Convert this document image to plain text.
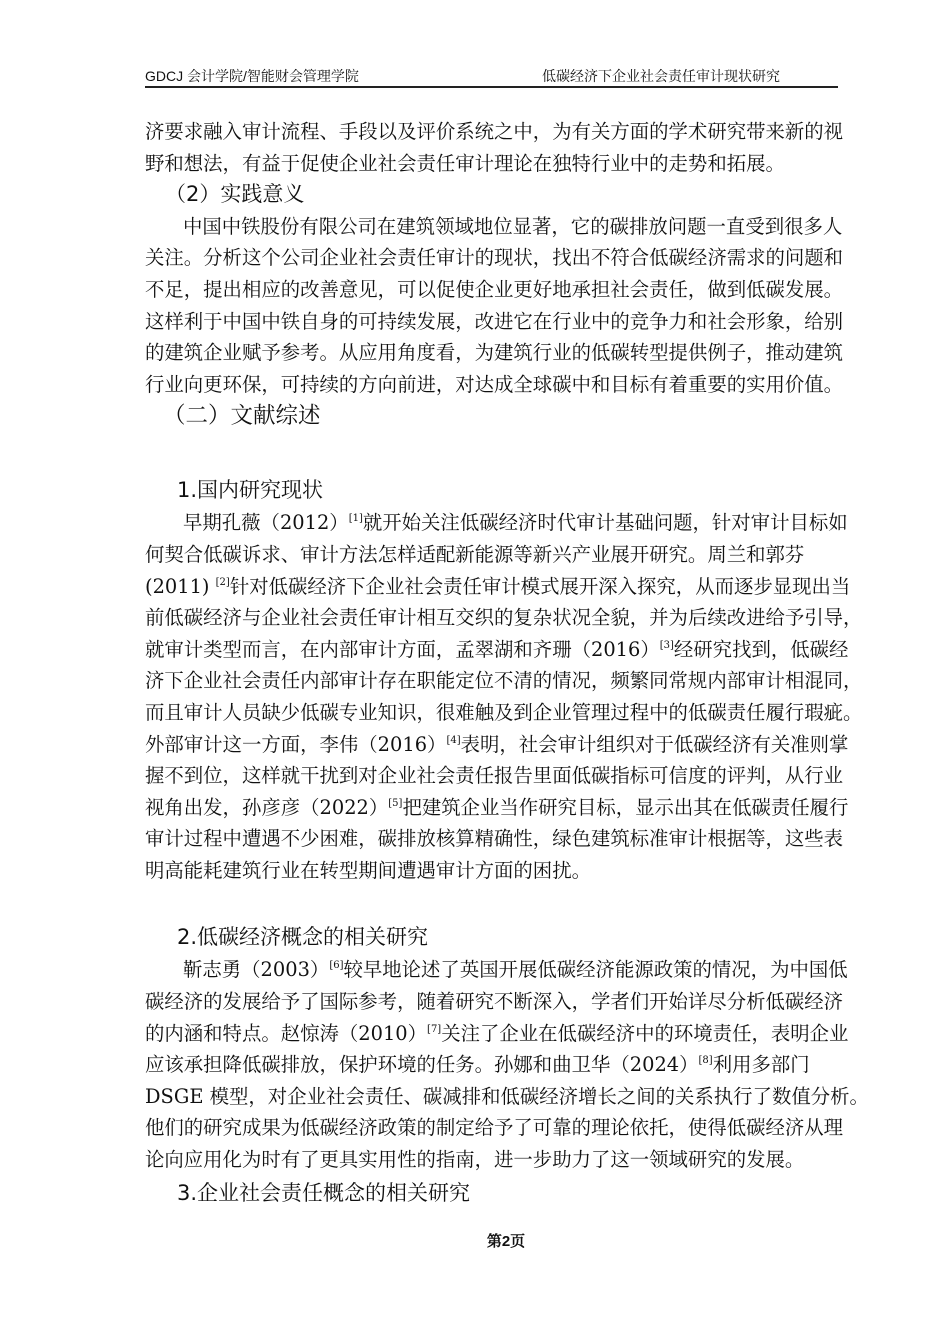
GDCJ 会计学院/智能财会管理学院	低碳经济下企业社会责任审计现状研究
济要求融入审计流程、手段以及评价系统之中，为有关方面的学术研究带来新的视
野和想法，有益于促使企业社会责任审计理论在独特行业中的走势和拓展。
（2）实践意义
中国中铁股份有限公司在建筑领域地位显著，它的碳排放问题一直受到很多人
关注。分析这个公司企业社会责任审计的现状，找出不符合低碳经济需求的问题和
不足，提出相应的改善意见，可以促使企业更好地承担社会责任，做到低碳发展。
这样利于中国中铁自身的可持续发展，改进它在行业中的竞争力和社会形象，给别
的建筑企业赋予参考。从应用角度看，为建筑行业的低碳转型提供例子，推动建筑
行业向更环保，可持续的方向前进，对达成全球碳中和目标有着重要的实用价值。
（二）文献综述
1.国内研究现状
早期孔薇（2012）[1]就开始关注低碳经济时代审计基础问题，针对审计目标如
何契合低碳诉求、审计方法怎样适配新能源等新兴产业展开研究。周兰和郭芬
(2011) [2]针对低碳经济下企业社会责任审计模式展开深入探究，从而逐步显现出当
前低碳经济与企业社会责任审计相互交织的复杂状况全貌，并为后续改进给予引导，
就审计类型而言，在内部审计方面，孟翠湖和齐珊（2016）[3]经研究找到，低碳经
济下企业社会责任内部审计存在职能定位不清的情况，频繁同常规内部审计相混同，
而且审计人员缺少低碳专业知识，很难触及到企业管理过程中的低碳责任履行瑕疵。
外部审计这一方面，李伟（2016）[4]表明，社会审计组织对于低碳经济有关准则掌
握不到位，这样就干扰到对企业社会责任报告里面低碳指标可信度的评判，从行业
视角出发，孙彦彦（2022）[5]把建筑企业当作研究目标，显示出其在低碳责任履行
审计过程中遭遇不少困难，碳排放核算精确性，绿色建筑标准审计根据等，这些表
明高能耗建筑行业在转型期间遭遇审计方面的困扰。
2.低碳经济概念的相关研究
靳志勇（2003）[6]较早地论述了英国开展低碳经济能源政策的情况，为中国低
碳经济的发展给予了国际参考，随着研究不断深入，学者们开始详尽分析低碳经济
的内涵和特点。赵惊涛（2010）[7]关注了企业在低碳经济中的环境责任，表明企业
应该承担降低碳排放，保护环境的任务。孙娜和曲卫华（2024）[8]利用多部门
DSGE 模型，对企业社会责任、碳减排和低碳经济增长之间的关系执行了数值分析。
他们的研究成果为低碳经济政策的制定给予了可靠的理论依托，使得低碳经济从理
论向应用化为时有了更具实用性的指南，进一步助力了这一领域研究的发展。
3.企业社会责任概念的相关研究
第2页
